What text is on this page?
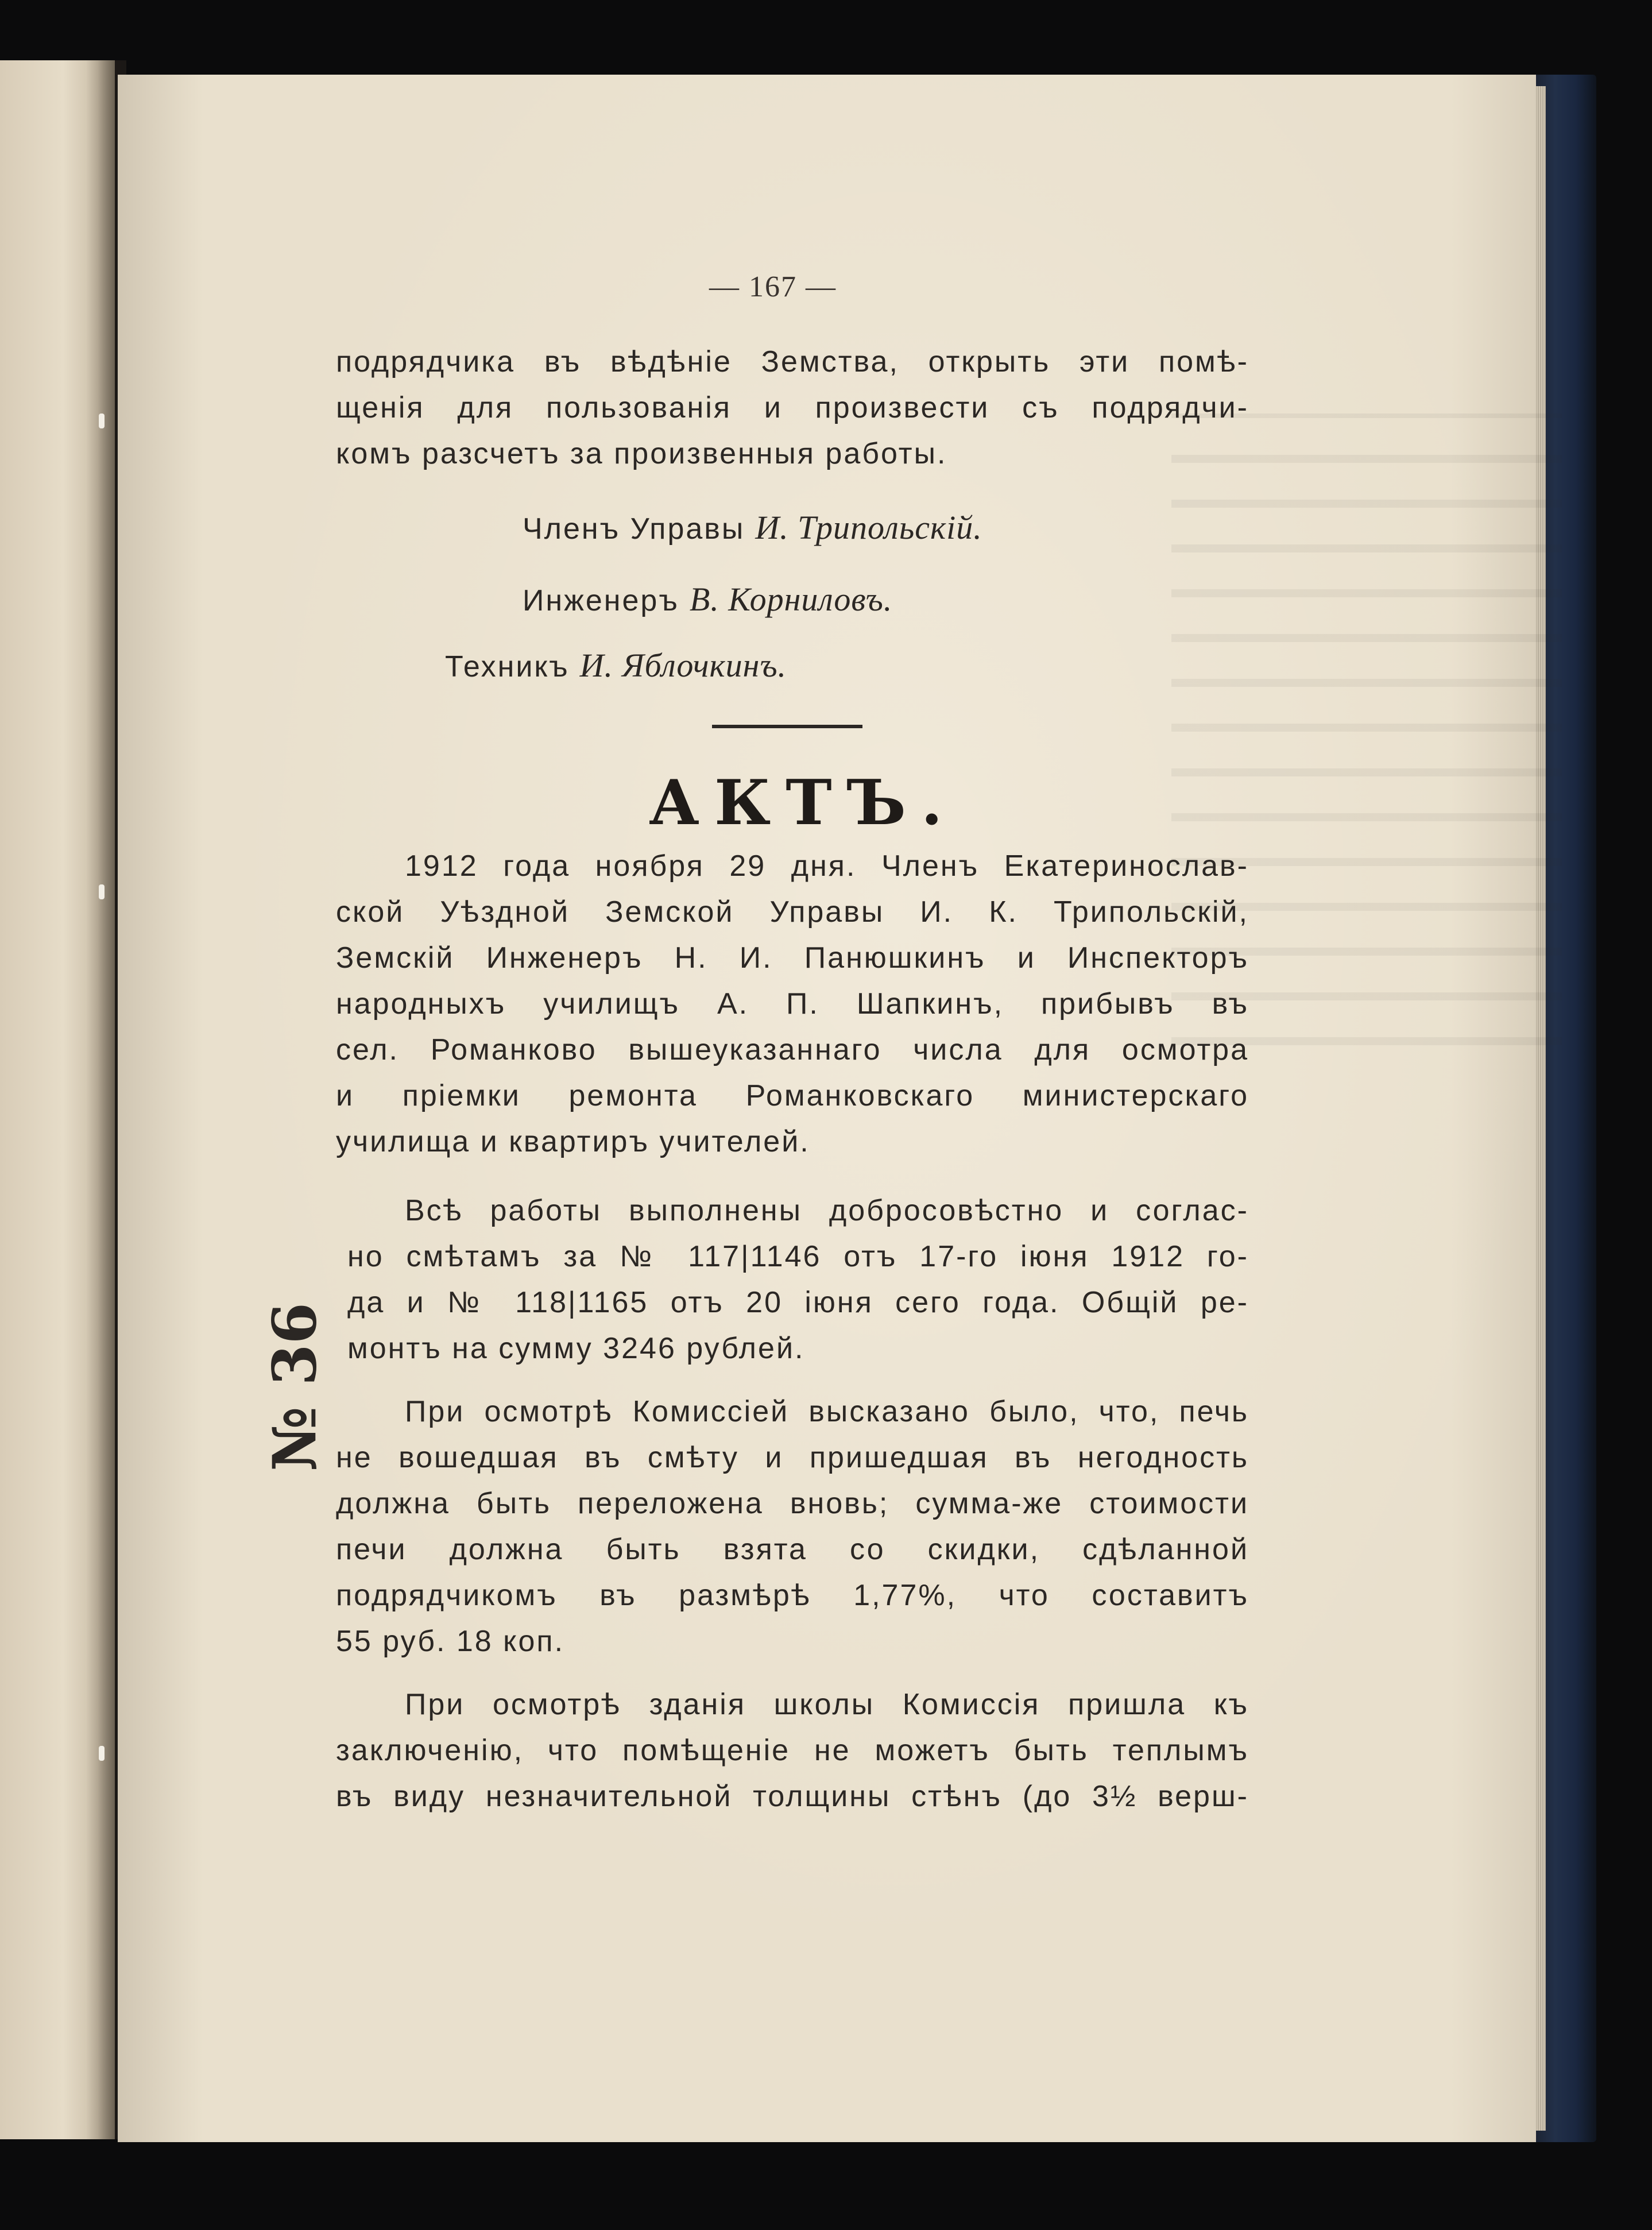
— 167 —
подрядчика въ вѣдѣніе Земства, открыть эти помѣ-
щенія для пользованія и произвести съ подрядчи-
комъ разсчетъ за произвенныя работы.
Членъ Управы И. Трипольскій.
Инженеръ В. Корниловъ.
Техникъ И. Яблочкинъ.
АКТЪ.
№ 36
1912 года ноября 29 дня. Членъ Екатеринослав-
ской Уѣздной Земской Управы И. К. Трипольскій,
Земскій Инженеръ Н. И. Панюшкинъ и Инспекторъ
народныхъ училищъ А. П. Шапкинъ, прибывъ въ
сел. Романково вышеуказаннаго числа для осмотра
и пріемки ремонта Романковскаго министерскаго
училища и квартиръ учителей.
Всѣ работы выполнены добросовѣстно и соглас-
но смѣтамъ за № 117|1146 отъ 17-го іюня 1912 го-
да и № 118|1165 отъ 20 іюня сего года. Общій ре-
монтъ на сумму 3246 рублей.
При осмотрѣ Комиссіей высказано было, что, печь
не вошедшая въ смѣту и пришедшая въ негодность
должна быть переложена вновь; сумма-же стоимости
печи должна быть взята со скидки, сдѣланной
подрядчикомъ въ размѣрѣ 1,77%, что составитъ
55 руб. 18 коп.
При осмотрѣ зданія школы Комиссія пришла къ
заключенію, что помѣщеніе не можетъ быть теплымъ
въ виду незначительной толщины стѣнъ (до 3½ верш-
